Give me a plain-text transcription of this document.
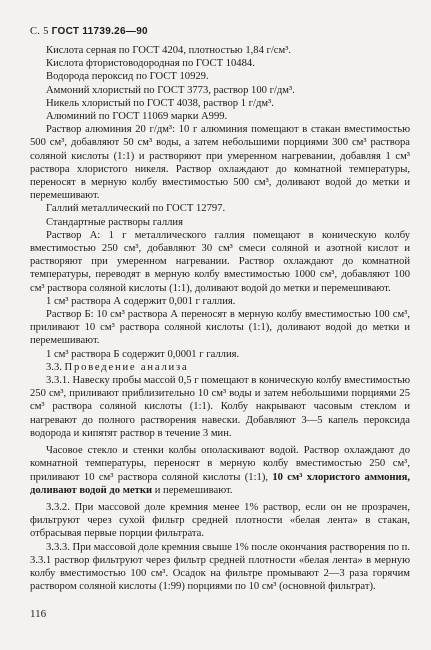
С. 5 ГОСТ 11739.26—90

Кислота серная по ГОСТ 4204, плотностью 1,84 г/см³.

Кислота фтористоводородная по ГОСТ 10484.

Водорода пероксид по ГОСТ 10929.

Аммоний хлористый по ГОСТ 3773, раствор 100 г/дм³.

Никель хлористый по ГОСТ 4038, раствор 1 г/дм³.

Алюминий по ГОСТ 11069 марки А999.

Раствор алюминия 20 г/дм³: 10 г алюминия помещают в стакан вместимостью 500 см³, добавляют 50 см³ воды, а затем небольшими порциями 300 см³ раствора соляной кислоты (1:1) и растворяют при умеренном нагревании, добавляя 1 см³ раствора хлористого никеля. Раствор охлаждают до комнатной температуры, переносят в мерную колбу вместимостью 500 см³, доливают водой до метки и перемешивают.

Галлий металлический по ГОСТ 12797.

Стандартные растворы галлия

Раствор А: 1 г металлического галлия помещают в коническую колбу вместимостью 250 см³, добавляют 30 см³ смеси соляной и азотной кислот и растворяют при умеренном нагревании. Раствор охлаждают до комнатной температуры, переводят в мерную колбу вместимостью 1000 см³, добавляют 100 см³ раствора соляной кислоты (1:1), доливают водой до метки и перемешивают.

1 см³ раствора А содержит 0,001 г галлия.

Раствор Б: 10 см³ раствора А переносят в мерную колбу вместимостью 100 см³, приливают 10 см³ раствора соляной кислоты (1:1), доливают водой до метки и перемешивают.

1 см³ раствора Б содержит 0,0001 г галлия.

3.3. Проведение анализа

3.3.1. Навеску пробы массой 0,5 г помещают в коническую колбу вместимостью 250 см³, приливают приблизительно 10 см³ воды и затем небольшими порциями 25 см³ раствора соляной кислоты (1:1). Колбу накрывают часовым стеклом и нагревают до полного растворения навески. Добавляют 3—5 капель пероксида водорода и кипятят раствор в течение 3 мин.

Часовое стекло и стенки колбы ополаскивают водой. Раствор охлаждают до комнатной температуры, переносят в мерную колбу вместимостью 250 см³, приливают 10 см³ раствора соляной кислоты (1:1), 10 см³ хлористого аммония, доливают водой до метки и перемешивают.

3.3.2. При массовой доле кремния менее 1% раствор, если он не прозрачен, фильтруют через сухой фильтр средней плотности «белая лента» в стакан, отбрасывая первые порции фильтрата.

3.3.3. При массовой доле кремния свыше 1% после окончания растворения по п. 3.3.1 раствор фильтруют через фильтр средней плотности «белая лента» в мерную колбу вместимостью 100 см³. Осадок на фильтре промывают 2—3 раза горячим раствором соляной кислоты (1:99) порциями по 10 см³ (основной фильтрат).

116
